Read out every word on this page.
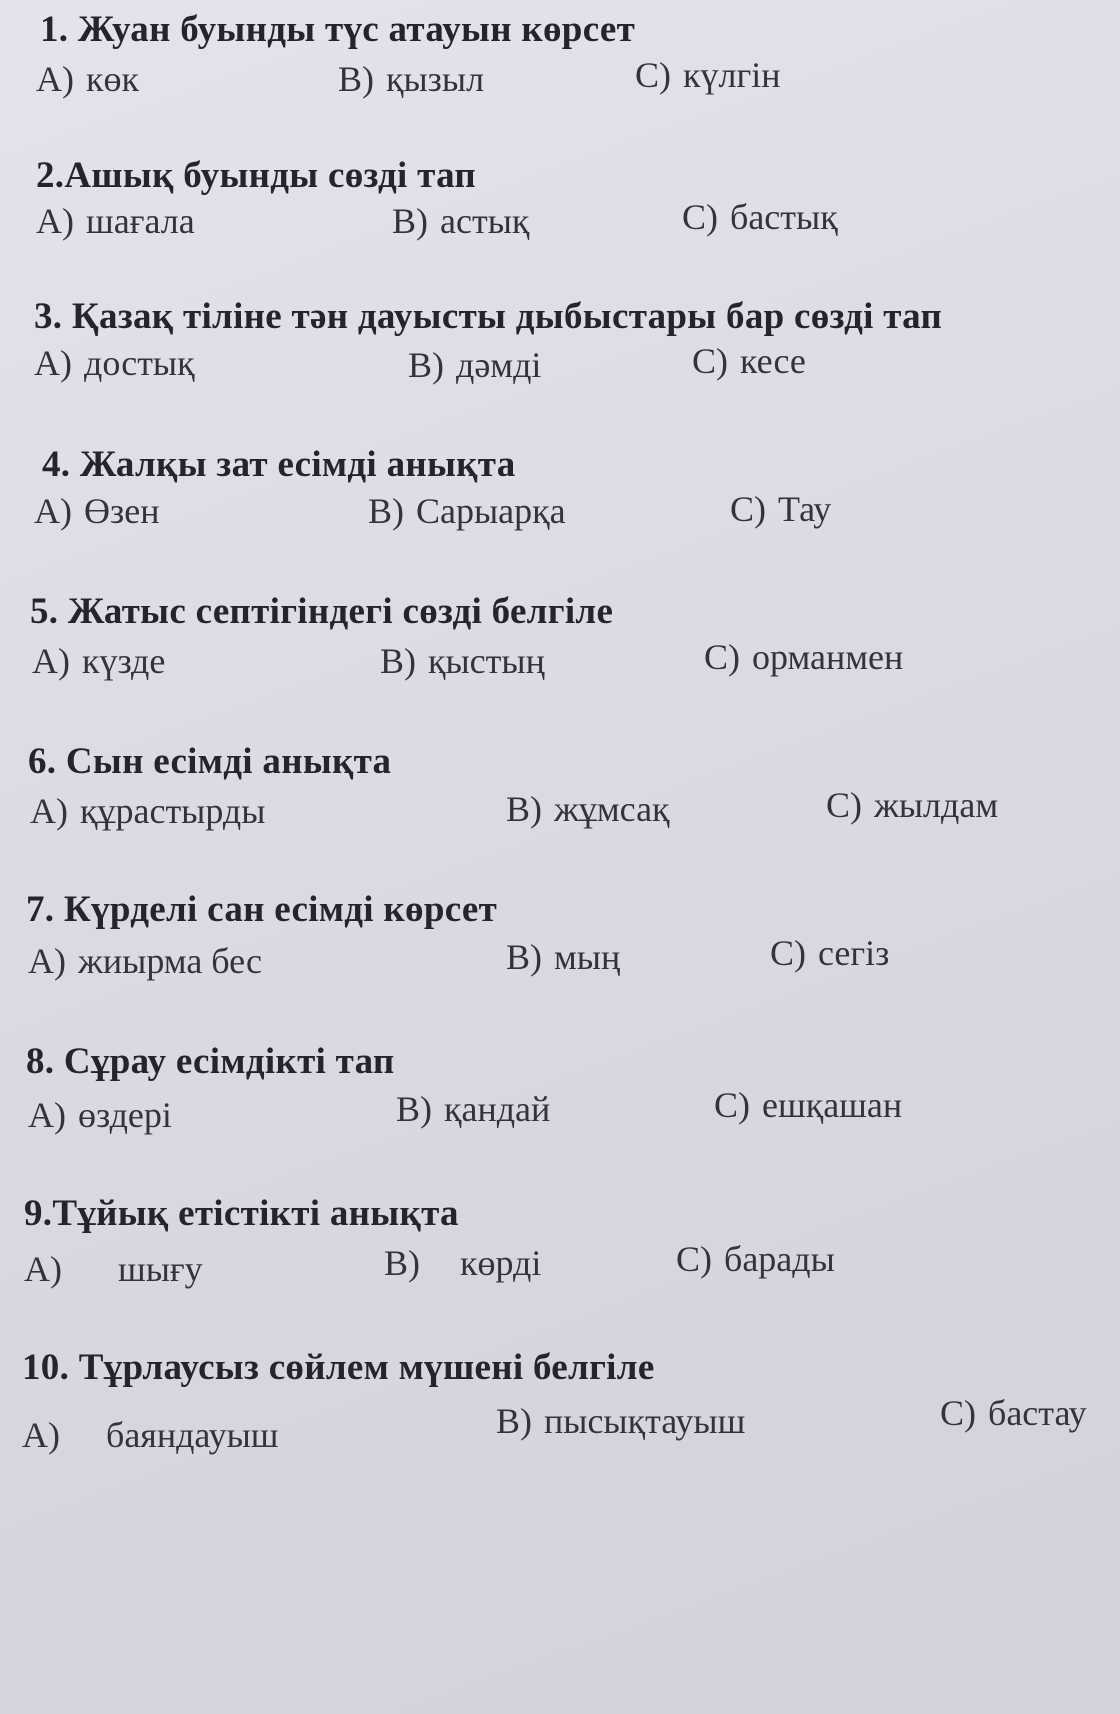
1. Жуан буынды түс атауын көрсет
А) көк	В) қызыл	С) күлгін
2.Ашық буынды сөзді тап
А) шағала	В) астық	С) бастық
3. Қазақ тіліне тән дауысты дыбыстары бар сөзді тап
А) достық	В) дәмді	С) кесе
4. Жалқы зат есімді анықта
А) Өзен	В) Сарыарқа	С) Тау
5. Жатыс септігіндегі сөзді белгіле
А) күзде	В) қыстың	С) орманмен
6. Сын есімді анықта
А) құрастырды	В) жұмсақ	С) жылдам
7. Күрделі сан есімді көрсет
А) жиырма бес	В) мың	С) сегіз
8. Сұрау есімдікті тап
А) өздері	В) қандай	С) ешқашан
9.Тұйық етістікті анықта
А) шығу	В) көрді	С) барады
10. Тұрлаусыз сөйлем мүшені белгіле
А) баяндауыш	В) пысықтауыш	С) бастау
